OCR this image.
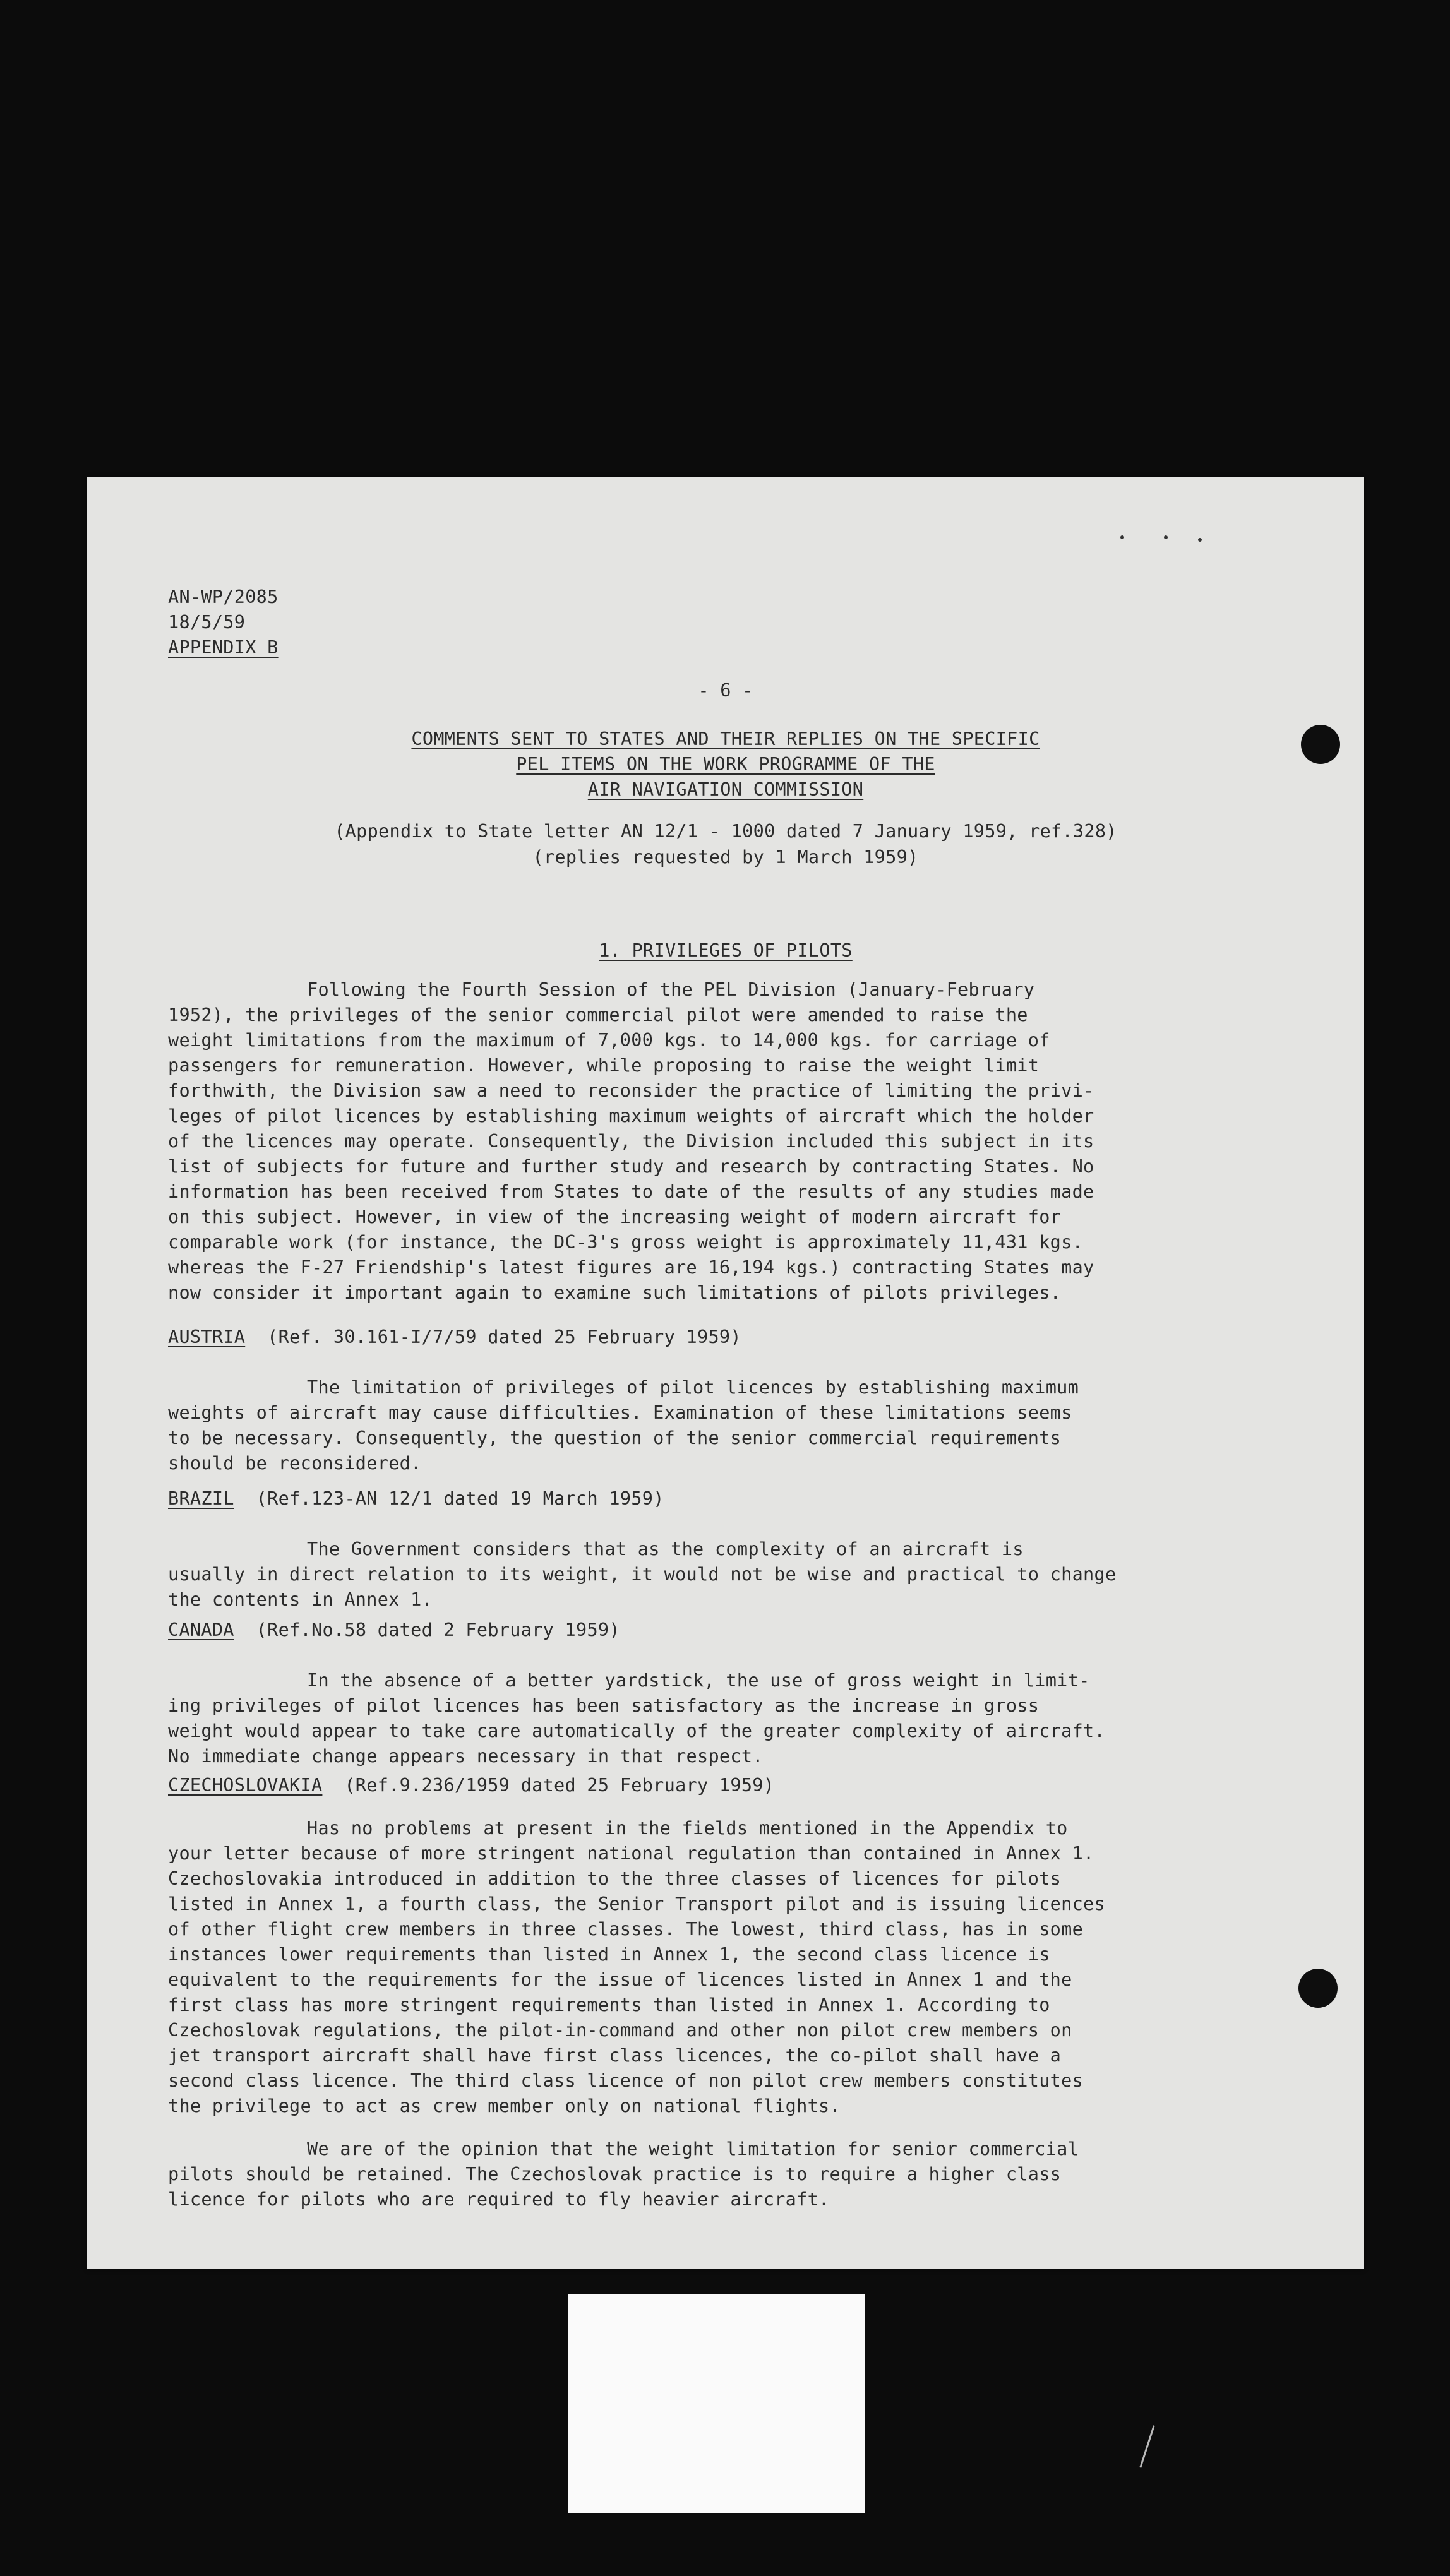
AN-WP/2085
18/5/59
APPENDIX B
- 6 -
COMMENTS SENT TO STATES AND THEIR REPLIES ON THE SPECIFIC
PEL ITEMS ON THE WORK PROGRAMME OF THE
AIR NAVIGATION COMMISSION
(Appendix to State letter AN 12/1 - 1000 dated 7 January 1959, ref.328)
(replies requested by 1 March 1959)
1. PRIVILEGES OF PILOTS
Following the Fourth Session of the PEL Division (January-February
1952), the privileges of the senior commercial pilot were amended to raise the
weight limitations from the maximum of 7,000 kgs. to 14,000 kgs. for carriage of
passengers for remuneration. However, while proposing to raise the weight limit
forthwith, the Division saw a need to reconsider the practice of limiting the privi-
leges of pilot licences by establishing maximum weights of aircraft which the holder
of the licences may operate. Consequently, the Division included this subject in its
list of subjects for future and further study and research by contracting States. No
information has been received from States to date of the results of any studies made
on this subject. However, in view of the increasing weight of modern aircraft for
comparable work (for instance, the DC-3's gross weight is approximately 11,431 kgs.
whereas the F-27 Friendship's latest figures are 16,194 kgs.) contracting States may
now consider it important again to examine such limitations of pilots privileges.
AUSTRIA (Ref. 30.161-I/7/59 dated 25 February 1959)
The limitation of privileges of pilot licences by establishing maximum
weights of aircraft may cause difficulties. Examination of these limitations seems
to be necessary. Consequently, the question of the senior commercial requirements
should be reconsidered.
BRAZIL (Ref.123-AN 12/1 dated 19 March 1959)
The Government considers that as the complexity of an aircraft is
usually in direct relation to its weight, it would not be wise and practical to change
the contents in Annex 1.
CANADA (Ref.No.58 dated 2 February 1959)
In the absence of a better yardstick, the use of gross weight in limit-
ing privileges of pilot licences has been satisfactory as the increase in gross
weight would appear to take care automatically of the greater complexity of aircraft.
No immediate change appears necessary in that respect.
CZECHOSLOVAKIA (Ref.9.236/1959 dated 25 February 1959)
Has no problems at present in the fields mentioned in the Appendix to
your letter because of more stringent national regulation than contained in Annex 1.
Czechoslovakia introduced in addition to the three classes of licences for pilots
listed in Annex 1, a fourth class, the Senior Transport pilot and is issuing licences
of other flight crew members in three classes. The lowest, third class, has in some
instances lower requirements than listed in Annex 1, the second class licence is
equivalent to the requirements for the issue of licences listed in Annex 1 and the
first class has more stringent requirements than listed in Annex 1. According to
Czechoslovak regulations, the pilot-in-command and other non pilot crew members on
jet transport aircraft shall have first class licences, the co-pilot shall have a
second class licence. The third class licence of non pilot crew members constitutes
the privilege to act as crew member only on national flights.
We are of the opinion that the weight limitation for senior commercial
pilots should be retained. The Czechoslovak practice is to require a higher class
licence for pilots who are required to fly heavier aircraft.
